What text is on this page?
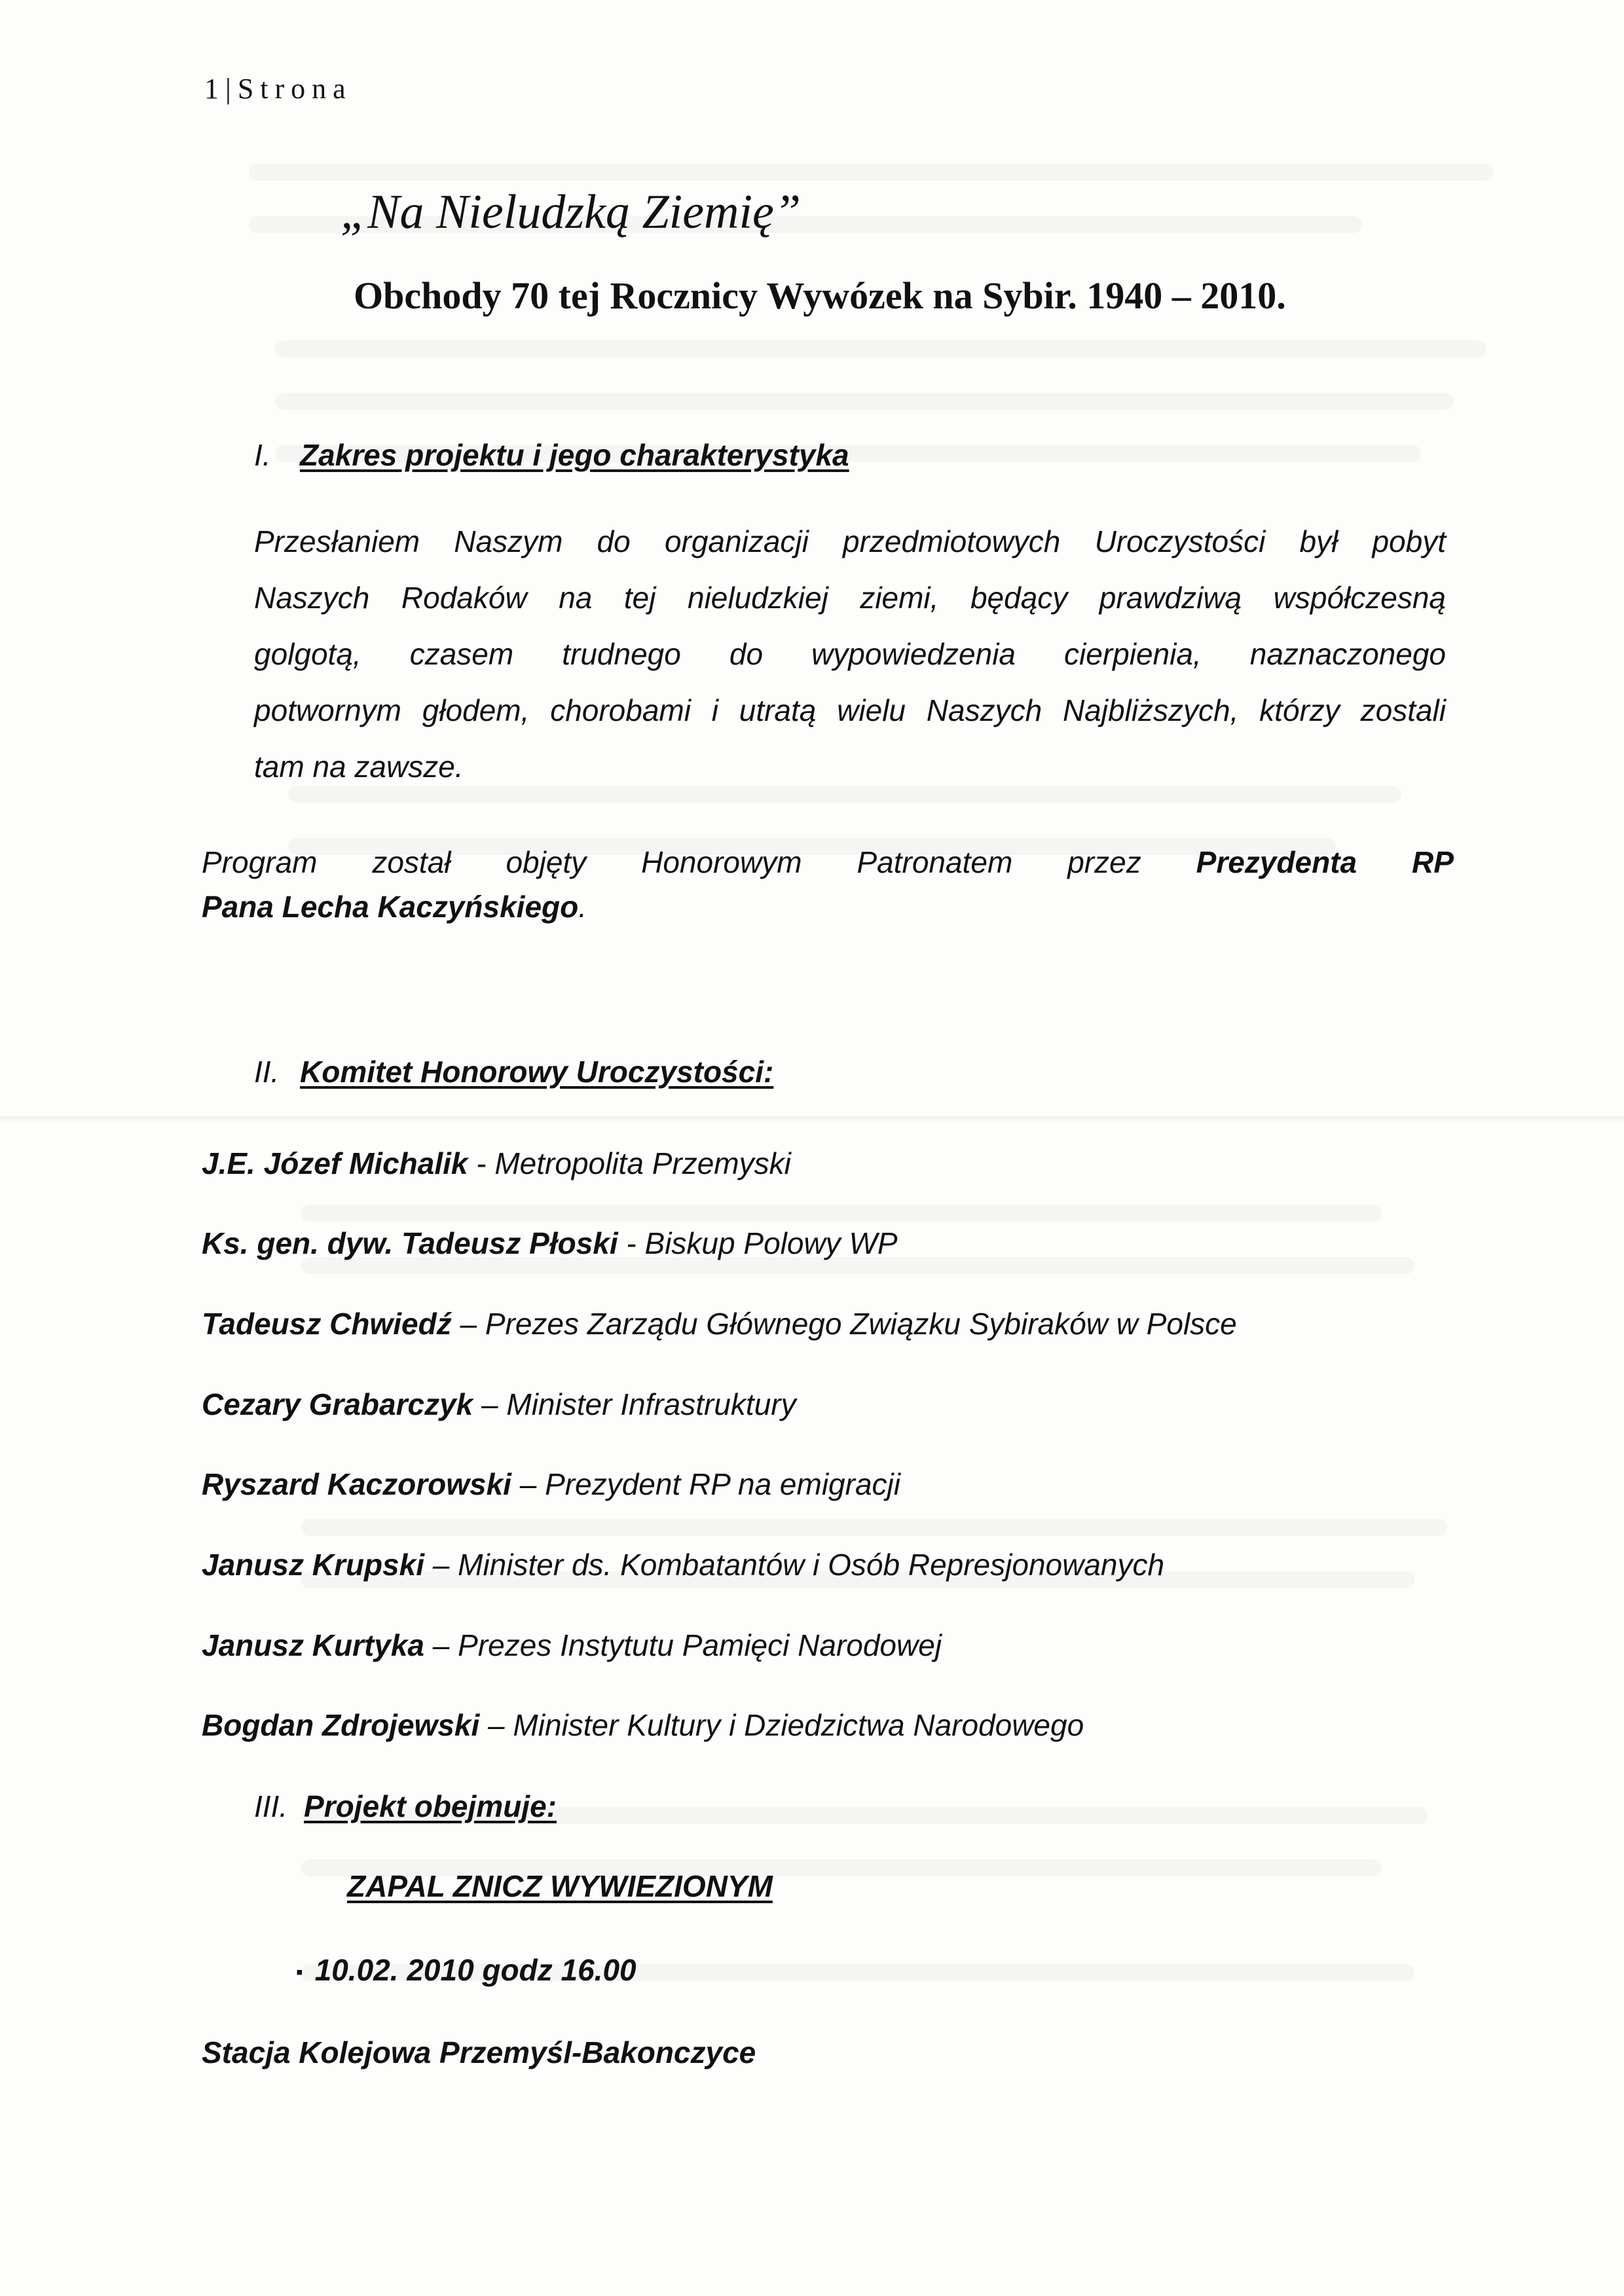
1 | Strona
„Na Nieludzką Ziemię”
Obchody 70 tej Rocznicy Wywózek na Sybir. 1940 – 2010.
I. Zakres projektu i jego charakterystyka
Przesłaniem Naszym do organizacji przedmiotowych Uroczystości był pobyt
Naszych Rodaków na tej nieludzkiej ziemi, będący prawdziwą współczesną
golgotą, czasem trudnego do wypowiedzenia cierpienia, naznaczonego
potwornym głodem, chorobami i utratą wielu Naszych Najbliższych, którzy zostali
tam na zawsze.
Program został objęty Honorowym Patronatem przez Prezydenta RP
Pana Lecha Kaczyńskiego.
II. Komitet Honorowy Uroczystości:
J.E. Józef Michalik - Metropolita Przemyski
Ks. gen. dyw. Tadeusz Płoski - Biskup Polowy WP
Tadeusz Chwiedź – Prezes Zarządu Głównego Związku Sybiraków w Polsce
Cezary Grabarczyk – Minister Infrastruktury
Ryszard Kaczorowski – Prezydent RP na emigracji
Janusz Krupski – Minister ds. Kombatantów i Osób Represjonowanych
Janusz Kurtyka – Prezes Instytutu Pamięci Narodowej
Bogdan Zdrojewski – Minister Kultury i Dziedzictwa Narodowego
III. Projekt obejmuje:
ZAPAL ZNICZ WYWIEZIONYM
▪ 10.02. 2010 godz 16.00
Stacja Kolejowa Przemyśl-Bakonczyce
